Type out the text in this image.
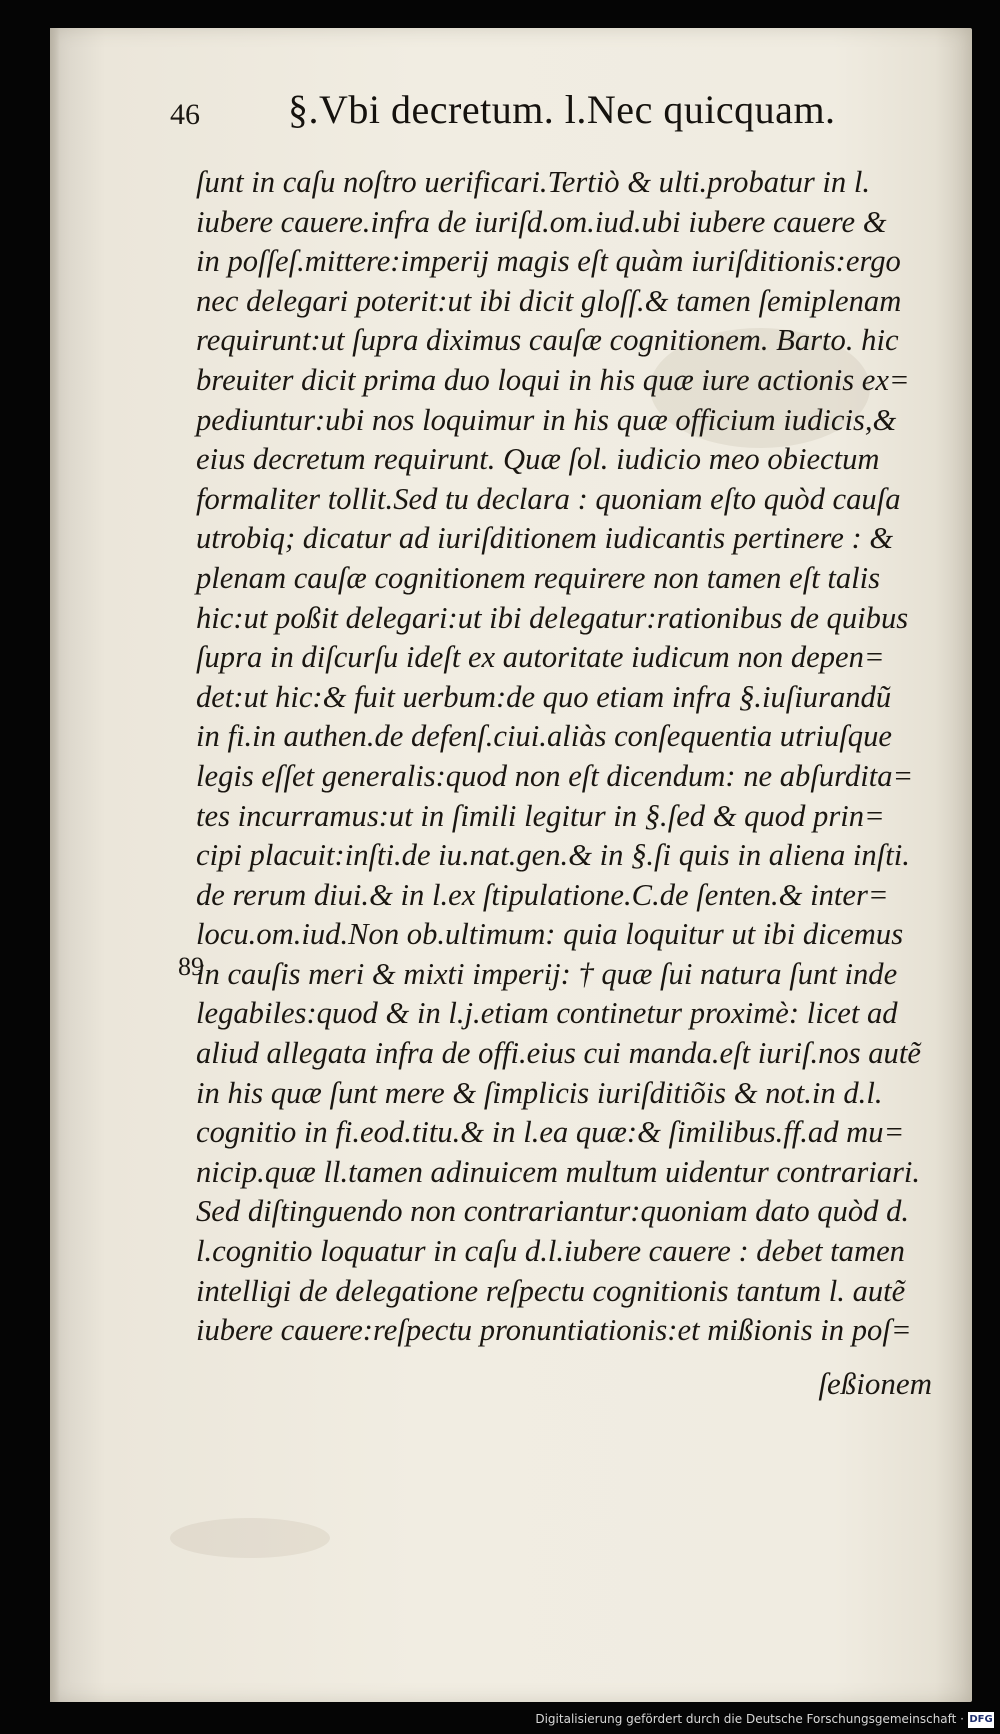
46 §.Vbi decretum. l.Nec quicquam.

ſunt in caſu noſtro uerificari.Tertiò & ulti.probatur in l.

iubere cauere.infra de iuriſd.om.iud.ubi iubere cauere &

in poſſeſ.mittere:imperij magis eſt quàm iuriſditionis:ergo

nec delegari poterit:ut ibi dicit gloſſ.& tamen ſemiplenam

requirunt:ut ſupra diximus cauſæ cognitionem. Barto. hic

breuiter dicit prima duo loqui in his quæ iure actionis ex=

pediuntur:ubi nos loquimur in his quæ officium iudicis,&

eius decretum requirunt. Quæ ſol. iudicio meo obiectum

formaliter tollit.Sed tu declara : quoniam eſto quòd cauſa

utrobiq; dicatur ad iuriſditionem iudicantis pertinere : &

plenam cauſæ cognitionem requirere non tamen eſt talis

hic:ut poßit delegari:ut ibi delegatur:rationibus de quibus

ſupra in diſcurſu ideſt ex autoritate iudicum non depen=

det:ut hic:& fuit uerbum:de quo etiam infra §.iuſiurandũ

in fi.in authen.de defenſ.ciui.aliàs conſequentia utriuſque

legis eſſet generalis:quod non eſt dicendum: ne abſurdita=

tes incurramus:ut in ſimili legitur in §.ſed & quod prin=

cipi placuit:inſti.de iu.nat.gen.& in §.ſi quis in aliena inſti.

de rerum diui.& in l.ex ſtipulatione.C.de ſenten.& inter=

locu.om.iud.Non ob.ultimum: quia loquitur ut ibi dicemus

in cauſis meri & mixti imperij: † quæ ſui natura ſunt inde

legabiles:quod & in l.j.etiam continetur proximè: licet ad

aliud allegata infra de offi.eius cui manda.eſt iuriſ.nos autẽ

in his quæ ſunt mere & ſimplicis iuriſditiõis & not.in d.l.

cognitio in fi.eod.titu.& in l.ea quæ:& ſimilibus.ff.ad mu=

nicip.quæ ll.tamen adinuicem multum uidentur contrariari.

Sed diſtinguendo non contrariantur:quoniam dato quòd d.

l.cognitio loquatur in caſu d.l.iubere cauere : debet tamen

intelligi de delegatione reſpectu cognitionis tantum l. autẽ

iubere cauere:reſpectu pronuntiationis:et mißionis in poſ=

89
ſeßionem
Digitalisierung gefördert durch die Deutsche Forschungsgemeinschaft · DFG
